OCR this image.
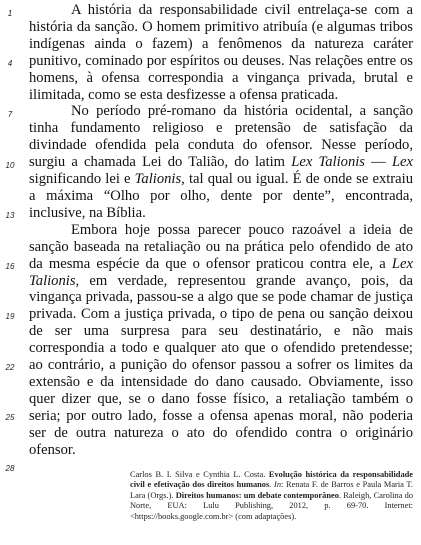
1
4
7
10
13
16
19
22
25
28

A história da responsabilidade civil entrelaça-se com a história da sanção. O homem primitivo atribuía (e algumas tribos indígenas ainda o fazem) a fenômenos da natureza caráter punitivo, cominado por espíritos ou deuses. Nas relações entre os homens, à ofensa correspondia a vingança privada, brutal e ilimitada, como se esta desfizesse a ofensa praticada.

No período pré-romano da história ocidental, a sanção tinha fundamento religioso e pretensão de satisfação da divindade ofendida pela conduta do ofensor. Nesse período, surgiu a chamada Lei do Talião, do latim Lex Talionis — Lex significando lei e Talionis, tal qual ou igual. É de onde se extraiu a máxima “Olho por olho, dente por dente”, encontrada, inclusive, na Bíblia.

Embora hoje possa parecer pouco razoável a ideia de sanção baseada na retaliação ou na prática pelo ofendido de ato da mesma espécie da que o ofensor praticou contra ele, a Lex Talionis, em verdade, representou grande avanço, pois, da vingança privada, passou-se a algo que se pode chamar de justiça privada. Com a justiça privada, o tipo de pena ou sanção deixou de ser uma surpresa para seu destinatário, e não mais correspondia a todo e qualquer ato que o ofendido pretendesse; ao contrário, a punição do ofensor passou a sofrer os limites da extensão e da intensidade do dano causado. Obviamente, isso quer dizer que, se o dano fosse físico, a retaliação também o seria; por outro lado, fosse a ofensa apenas moral, não poderia ser de outra natureza o ato do ofendido contra o originário ofensor.

Carlos B. I. Silva e Cynthia L. Costa. Evolução histórica da responsabilidade civil e efetivação dos direitos humanos. In: Renata F. de Barros e Paula Maria T. Lara (Orgs.). Direitos humanos: um debate contemporâneo. Raleigh, Carolina do Norte, EUA: Lulu Publishing, 2012, p. 69-70. Internet: <https://books.google.com.br> (com adaptações).
